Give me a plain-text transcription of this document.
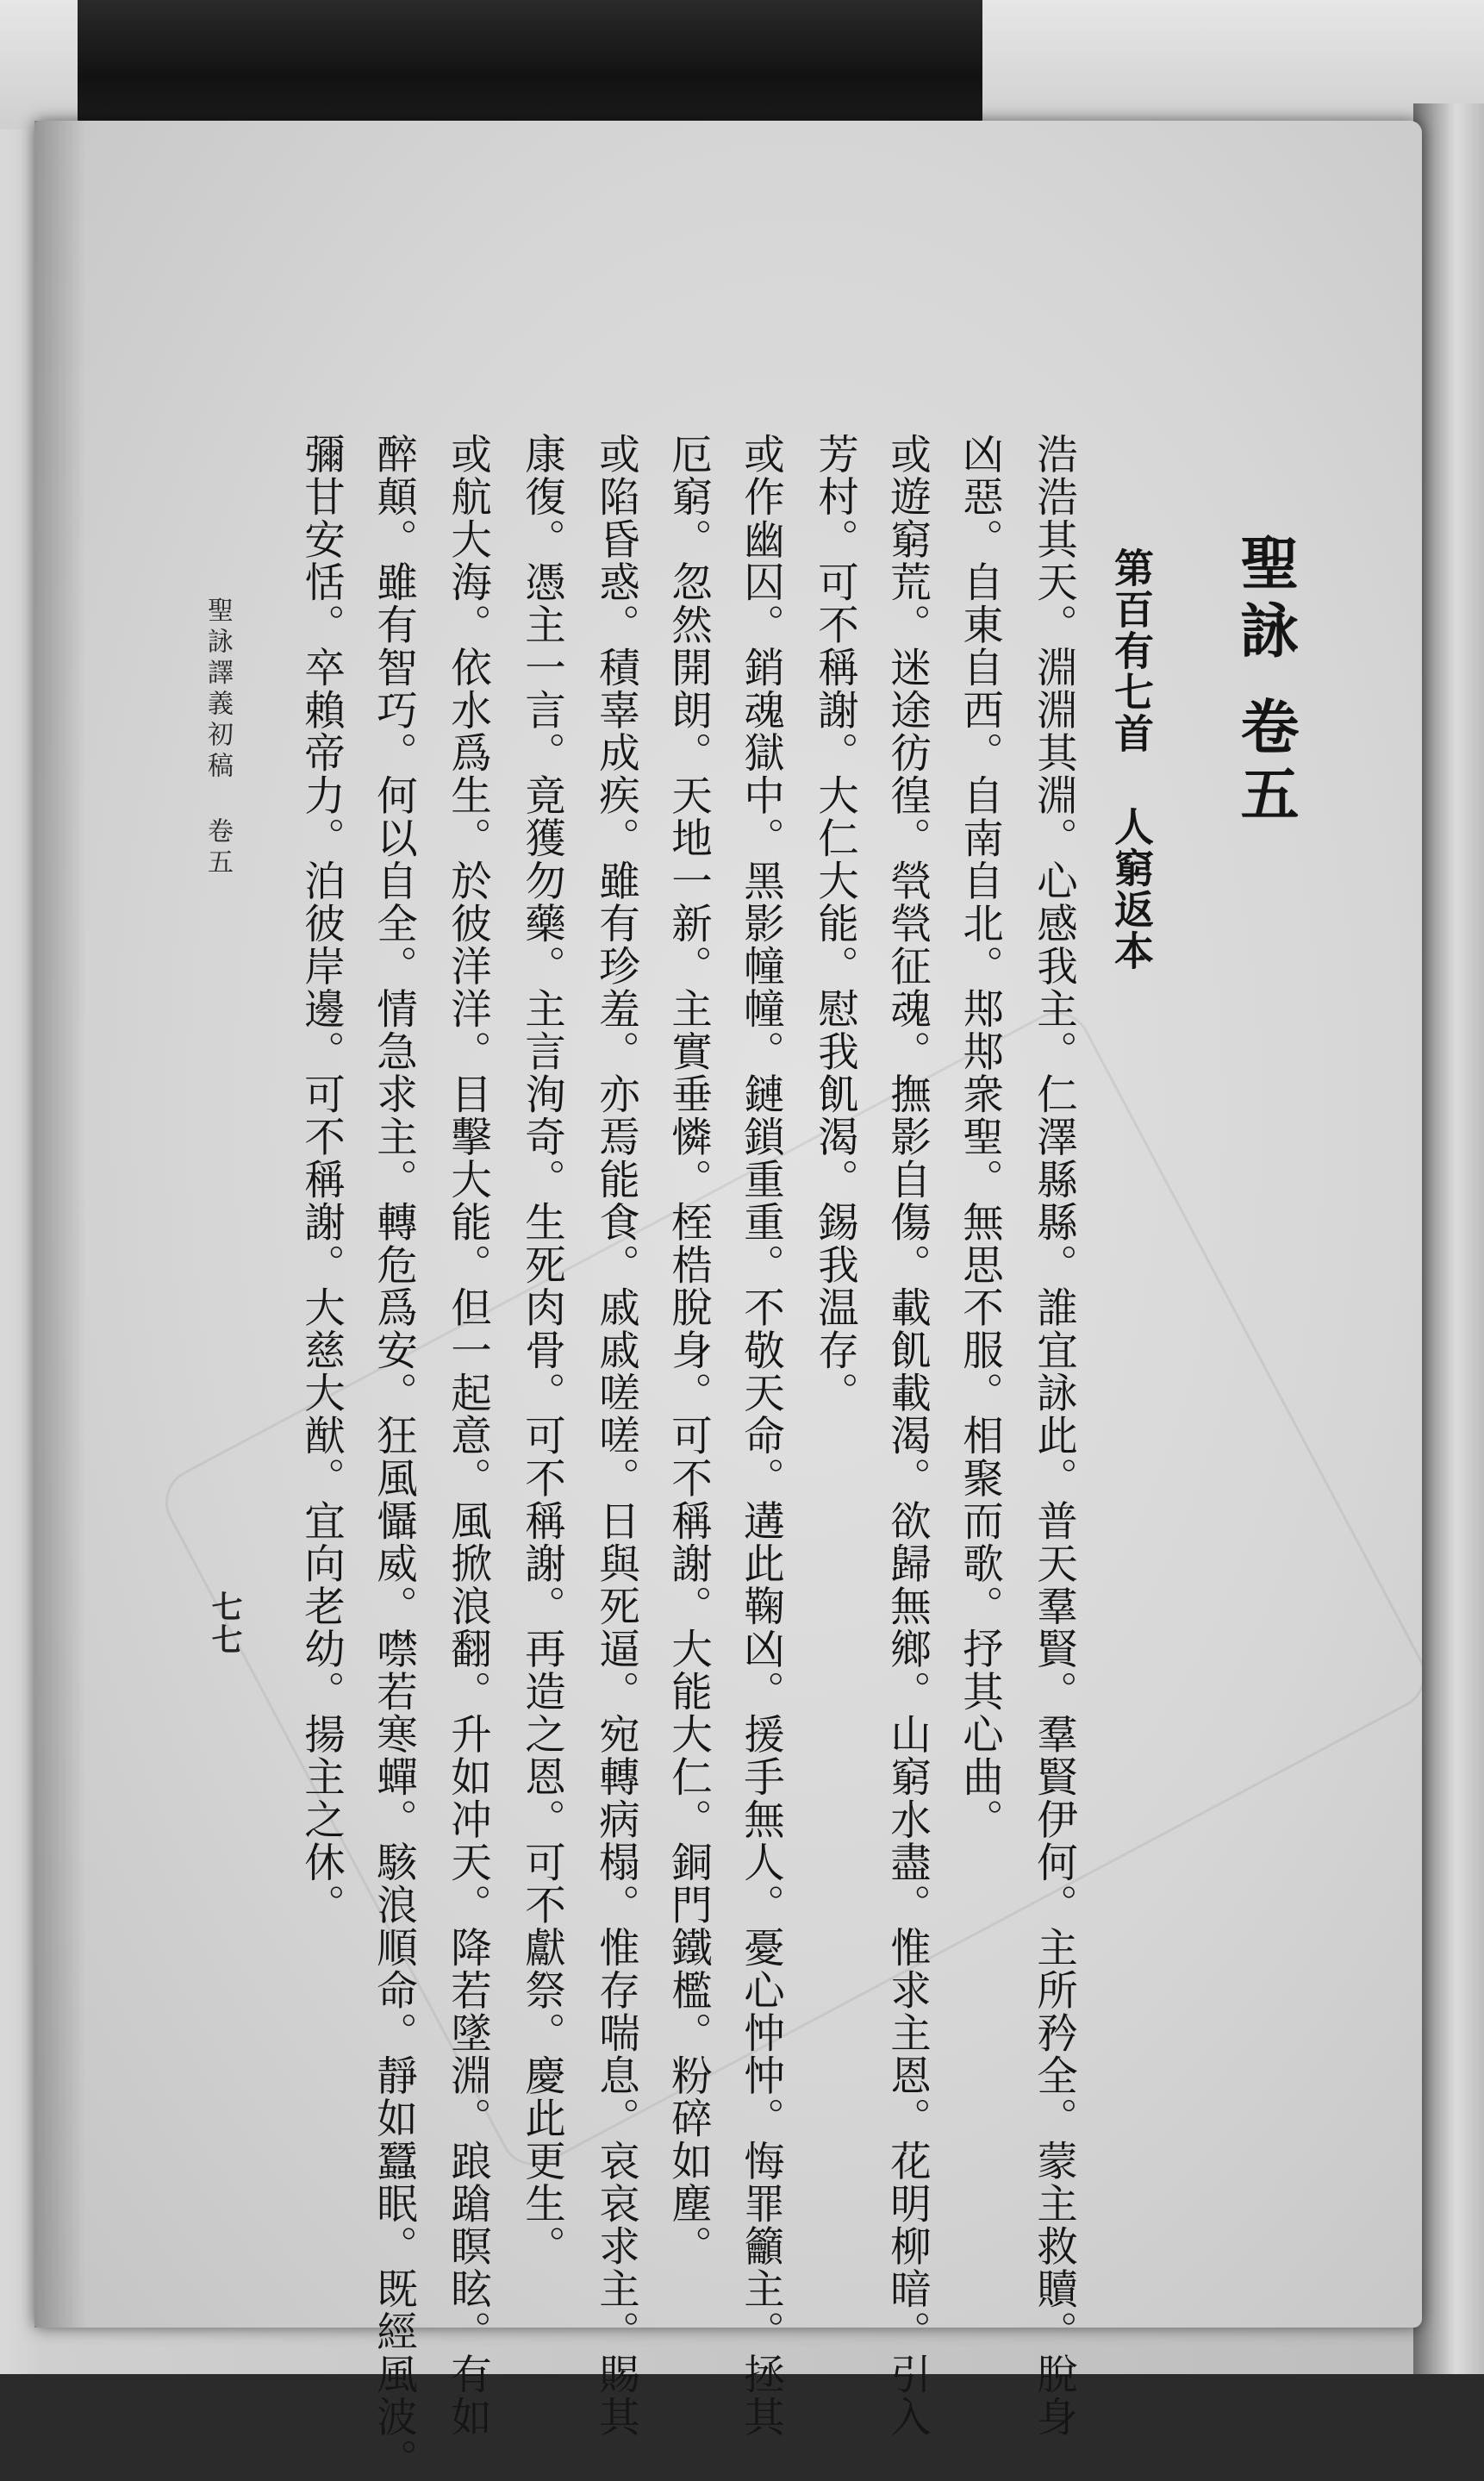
聖詠 卷五
第百有七首人窮返本
浩浩其天。淵淵其淵。心感我主。仁澤縣縣。誰宜詠此。普天羣賢。羣賢伊何。主所矜全。蒙主救贖。脫身
凶惡。自東自西。自南自北。䢼䢼衆聖。無思不服。相聚而歌。抒其心曲。
或遊窮荒。迷途彷徨。煢煢征魂。撫影自傷。載飢載渴。欲歸無鄉。山窮水盡。惟求主恩。花明柳暗。引入
芳村。可不稱謝。大仁大能。慰我飢渴。錫我温存。
或作幽囚。銷魂獄中。黑影幢幢。鏈鎖重重。不敬天命。遘此鞠凶。援手無人。憂心忡忡。悔罪籲主。拯其
厄窮。忽然開朗。天地一新。主實垂憐。桎梏脫身。可不稱謝。大能大仁。銅門鐵檻。粉碎如塵。
或陷昏惑。積辜成疾。雖有珍羞。亦焉能食。戚戚嗟嗟。日與死逼。宛轉病榻。惟存喘息。哀哀求主。賜其
康復。憑主一言。竟獲勿藥。主言洵奇。生死肉骨。可不稱謝。再造之恩。可不獻祭。慶此更生。
或航大海。依水爲生。於彼洋洋。目擊大能。但一起意。風掀浪翻。升如冲天。降若墜淵。踉蹌瞑眩。有如
醉顛。雖有智巧。何以自全。情急求主。轉危爲安。狂風懾威。噤若寒蟬。駭浪順命。靜如蠶眠。既經風波。
彌甘安恬。卒賴帝力。泊彼岸邊。可不稱謝。大慈大猷。宜向老幼。揚主之休。
聖詠譯義初稿卷五
七七
